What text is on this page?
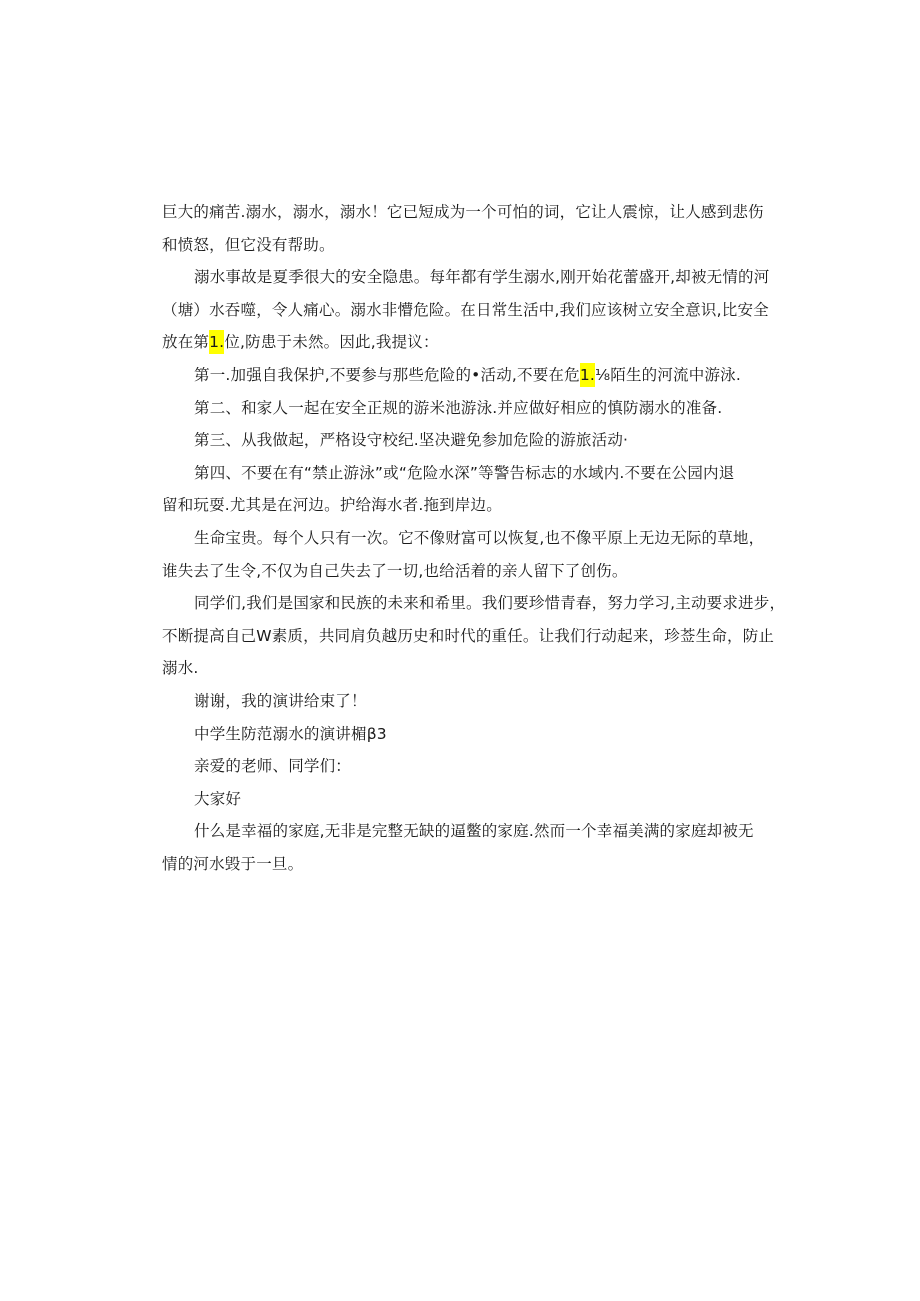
巨大的痛苦.溺水，溺水，溺水！它已短成为一个可怕的词，它让人震惊，让人感到悲伤
和愤怒，但它没有帮助。
溺水事故是夏季很大的安全隐患。每年都有学生溺水,刚开始花蕾盛开,却被无情的河
（塘）水吞噬，令人痛心。溺水非懵危险。在日常生活中,我们应该树立安全意识,比安全
放在第1.位,防患于未然。因此,我提议：
第一.加强自我保护,不要参与那些危险的•活动,不要在危1.⅛陌生的河流中游泳.
第二、和家人一起在安全正规的游米池游泳.并应做好相应的慎防溺水的准备.
第三、从我做起，严格设守校纪.坚决避免参加危险的游旅活动·
第四、不要在有“禁止游泳”或“危险水深”等警告标志的水域内.不要在公园内退
留和玩耍.尤其是在河边。护给海水者.拖到岸边。
生命宝贵。每个人只有一次。它不像财富可以恢复,也不像平原上无边无际的草地，
谁失去了生令,不仅为自己失去了一切,也给活着的亲人留下了创伤。
同学们,我们是国家和民族的未来和希里。我们要珍惜青春，努力学习,主动要求进步，
不断提高自己W素质，共同肩负越历史和时代的重任。让我们行动起来，珍莶生命，防止
溺水.
谢谢，我的演讲给束了！
中学生防范溺水的演讲楣β3
亲爱的老师、同学们：
大家好
什么是幸福的家庭,无非是完整无缺的逼鳖的家庭.然而一个幸福美满的家庭却被无
情的河水毁于一旦。
